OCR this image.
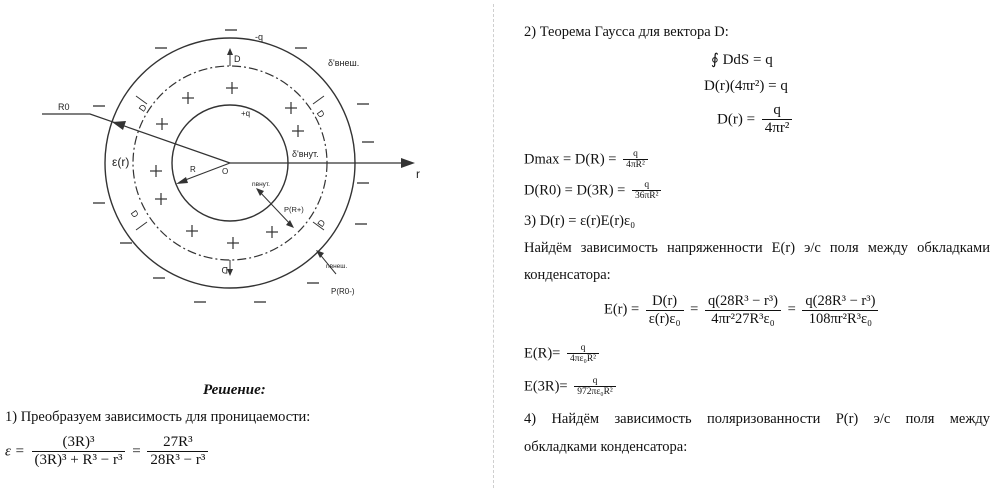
-q
R0
D
D
D
D
D
D
+q
ε(r)
R	O	r
δ'внеш.
δ'внут.
nвнут.
P(R+)
nвнеш.
P(R0-)
Решение:
1) Преобразуем зависимость для проницаемости:
$\varepsilon = \frac{\text{(3R)³}}{\text{(3R)³ + R³ − r³}} = \frac{\text{27R³}}{\text{28R³ − r³}}$
2) Теорема Гаусса для вектора D:
∮ DdS = q
D(r)(4πr²) = q
$D(r) = \frac{q}{\text{4πr²}}$
$Dmax = D(R) = \frac{q}{\text{4πR²}}$
$D(R0) = D(3R) = \frac{q}{\text{36πR²}}$
3) D(r) = ε(r)E(r)ε₀
Найдём зависимость напряженности E(r) э/с поля между обкладками
конденсатора:
$E(r) = \frac{D(r)}{\text{ε(r)ε₀}} = \frac{\text{q(28R³ − r³)}}{\text{4πr²27R³ε₀}} = \frac{\text{q(28R³ − r³)}}{\text{108πr²R³ε₀}}$
$E(R)= \frac{q}{\text{4πε₀R²}}$
$E(3R)= \frac{q}{\text{972πε₀R²}}$
4) Найдём зависимость поляризованности P(r) э/с поля между
обкладками конденсатора:
